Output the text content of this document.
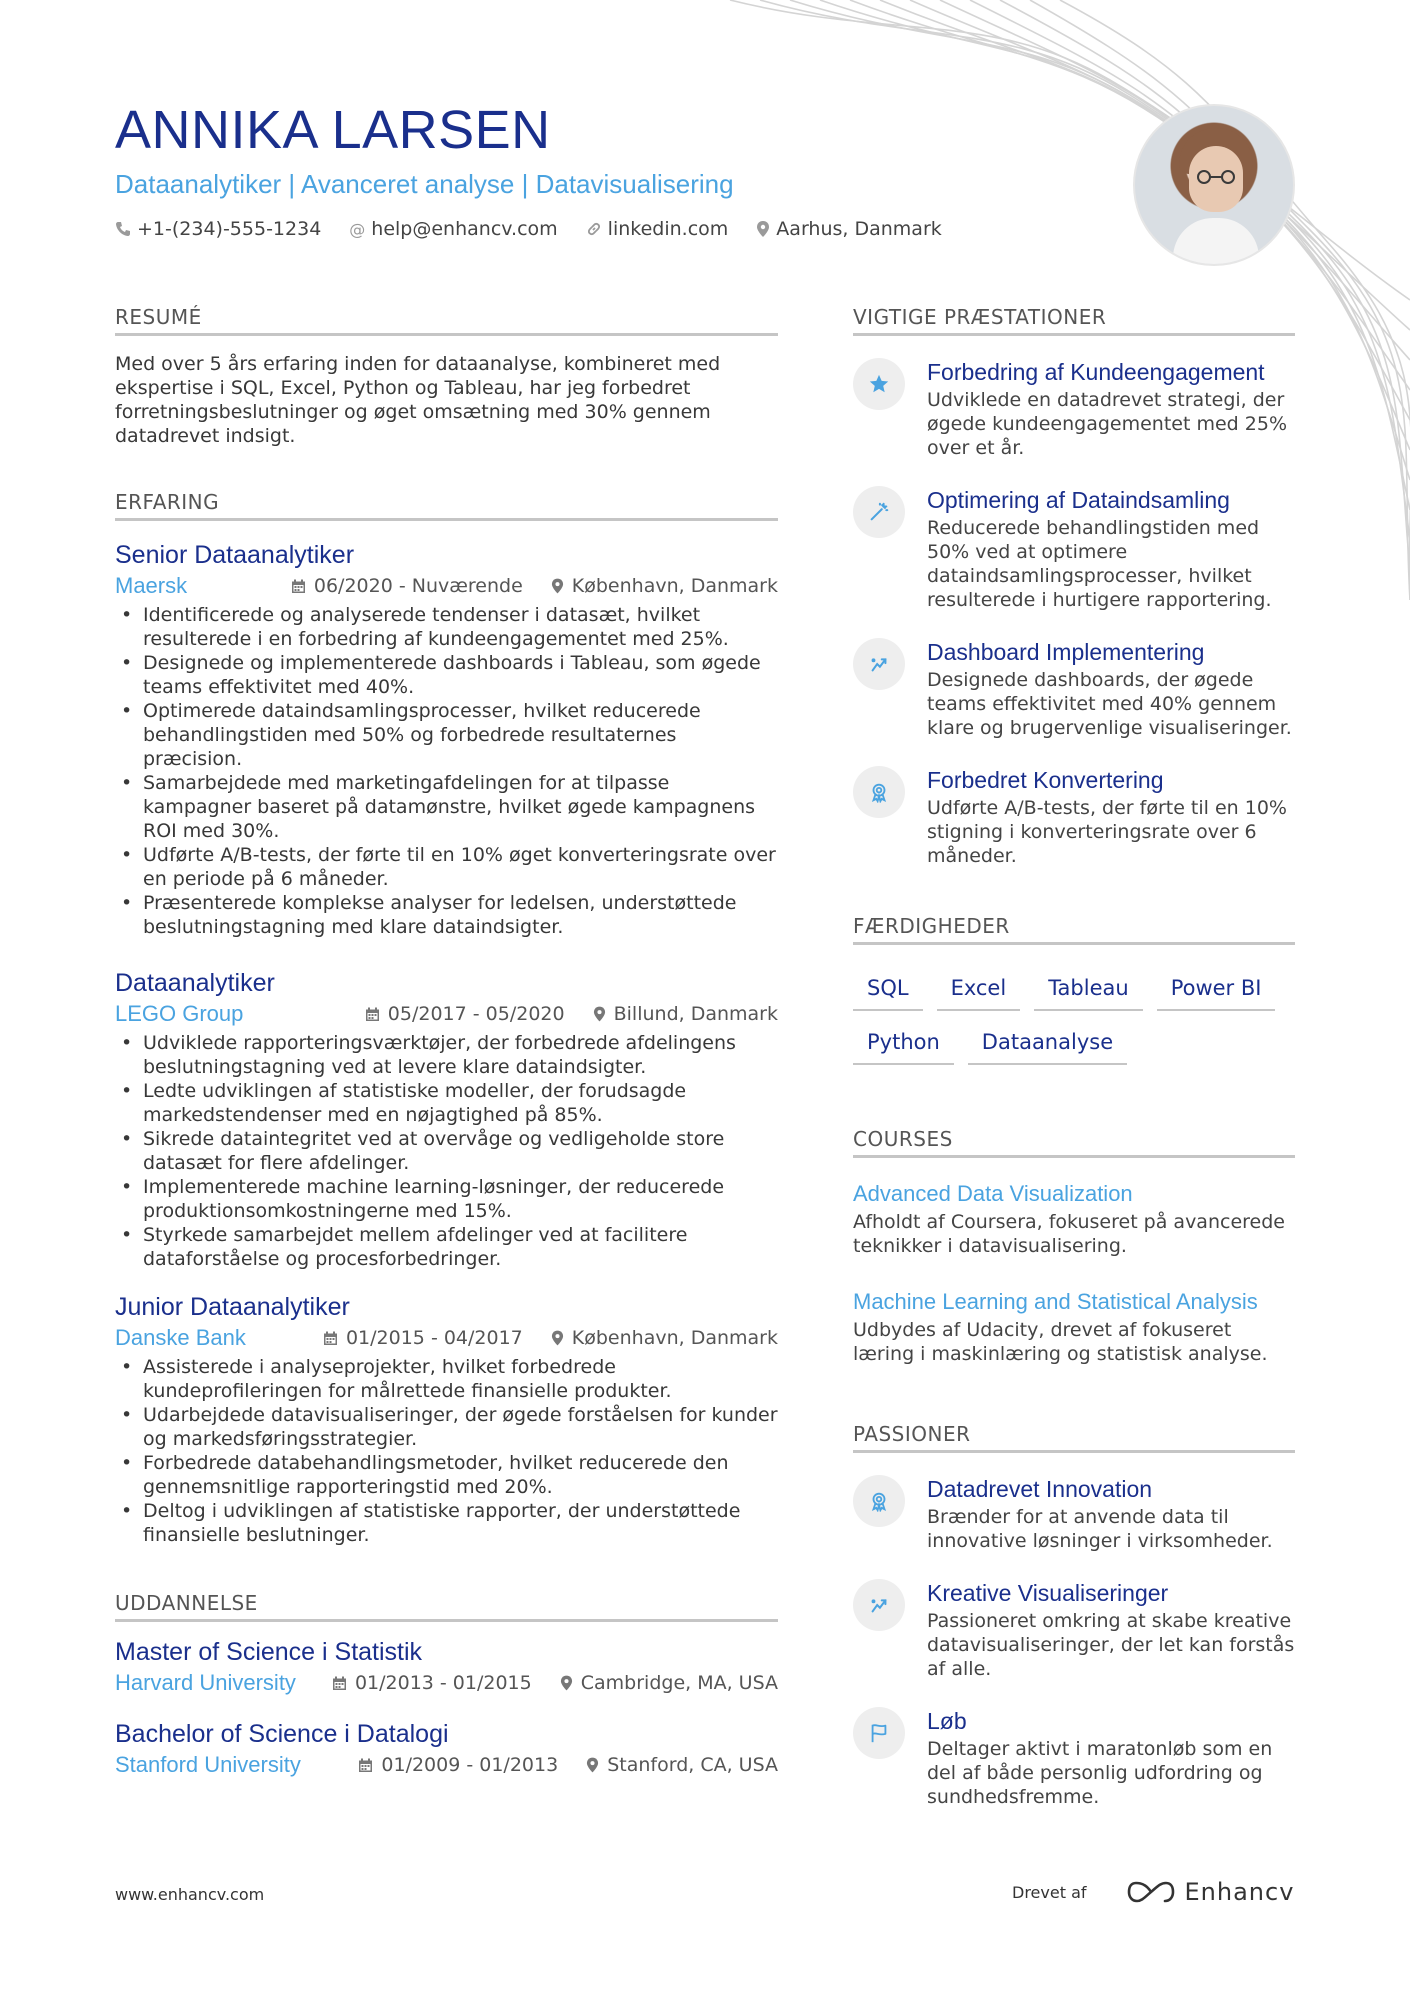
ANNIKA LARSEN
Dataanalytiker | Avanceret analyse | Datavisualisering
+1-(234)-555-1234 @ help@enhancv.com	linkedin.com	Aarhus, Danmark
RESUMÉ
Med over 5 års erfaring inden for dataanalyse, kombineret med ekspertise i SQL, Excel, Python og Tableau, har jeg forbedret forretningsbeslutninger og øget omsætning med 30% gennem datadrevet indsigt.
ERFARING
Senior Dataanalytiker
Maersk	06/2020 - Nuværende	København, Danmark
• Identificerede og analyserede tendenser i datasæt, hvilket resulterede i en forbedring af kundeengagementet med 25%.
• Designede og implementerede dashboards i Tableau, som øgede teams effektivitet med 40%.
• Optimerede dataindsamlingsprocesser, hvilket reducerede behandlingstiden med 50% og forbedrede resultaternes præcision.
• Samarbejdede med marketingafdelingen for at tilpasse kampagner baseret på datamønstre, hvilket øgede kampagnens ROI med 30%.
• Udførte A/B-tests, der førte til en 10% øget konverteringsrate over en periode på 6 måneder.
• Præsenterede komplekse analyser for ledelsen, understøttede beslutningstagning med klare dataindsigter.
Dataanalytiker
LEGO Group	05/2017 - 05/2020	Billund, Danmark
• Udviklede rapporteringsværktøjer, der forbedrede afdelingens beslutningstagning ved at levere klare dataindsigter.
• Ledte udviklingen af statistiske modeller, der forudsagde markedstendenser med en nøjagtighed på 85%.
• Sikrede dataintegritet ved at overvåge og vedligeholde store datasæt for flere afdelinger.
• Implementerede machine learning-løsninger, der reducerede produktionsomkostningerne med 15%.
• Styrkede samarbejdet mellem afdelinger ved at facilitere dataforståelse og procesforbedringer.
Junior Dataanalytiker
Danske Bank	01/2015 - 04/2017	København, Danmark
• Assisterede i analyseprojekter, hvilket forbedrede kundeprofileringen for målrettede finansielle produkter.
• Udarbejdede datavisualiseringer, der øgede forståelsen for kunder og markedsføringsstrategier.
• Forbedrede databehandlingsmetoder, hvilket reducerede den gennemsnitlige rapporteringstid med 20%.
• Deltog i udviklingen af statistiske rapporter, der understøttede finansielle beslutninger.
UDDANNELSE
Master of Science i Statistik
Harvard University	01/2013 - 01/2015	Cambridge, MA, USA
Bachelor of Science i Datalogi
Stanford University	01/2009 - 01/2013	Stanford, CA, USA
VIGTIGE PRÆSTATIONER
Forbedring af Kundeengagement
Udviklede en datadrevet strategi, der øgede kundeengagementet med 25% over et år.
Optimering af Dataindsamling
Reducerede behandlingstiden med 50% ved at optimere dataindsamlingsprocesser, hvilket resulterede i hurtigere rapportering.
Dashboard Implementering
Designede dashboards, der øgede teams effektivitet med 40% gennem klare og brugervenlige visualiseringer.
Forbedret Konvertering
Udførte A/B-tests, der førte til en 10% stigning i konverteringsrate over 6 måneder.
FÆRDIGHEDER
SQL	Excel	Tableau	Power BI
Python	Dataanalyse
COURSES
Advanced Data Visualization
Afholdt af Coursera, fokuseret på avancerede teknikker i datavisualisering.
Machine Learning and Statistical Analysis
Udbydes af Udacity, drevet af fokuseret læring i maskinlæring og statistisk analyse.
PASSIONER
Datadrevet Innovation
Brænder for at anvende data til innovative løsninger i virksomheder.
Kreative Visualiseringer
Passioneret omkring at skabe kreative datavisualiseringer, der let kan forstås af alle.
Løb
Deltager aktivt i maratonløb som en del af både personlig udfordring og sundhedsfremme.
www.enhancv.com	Drevet af	Enhancv
